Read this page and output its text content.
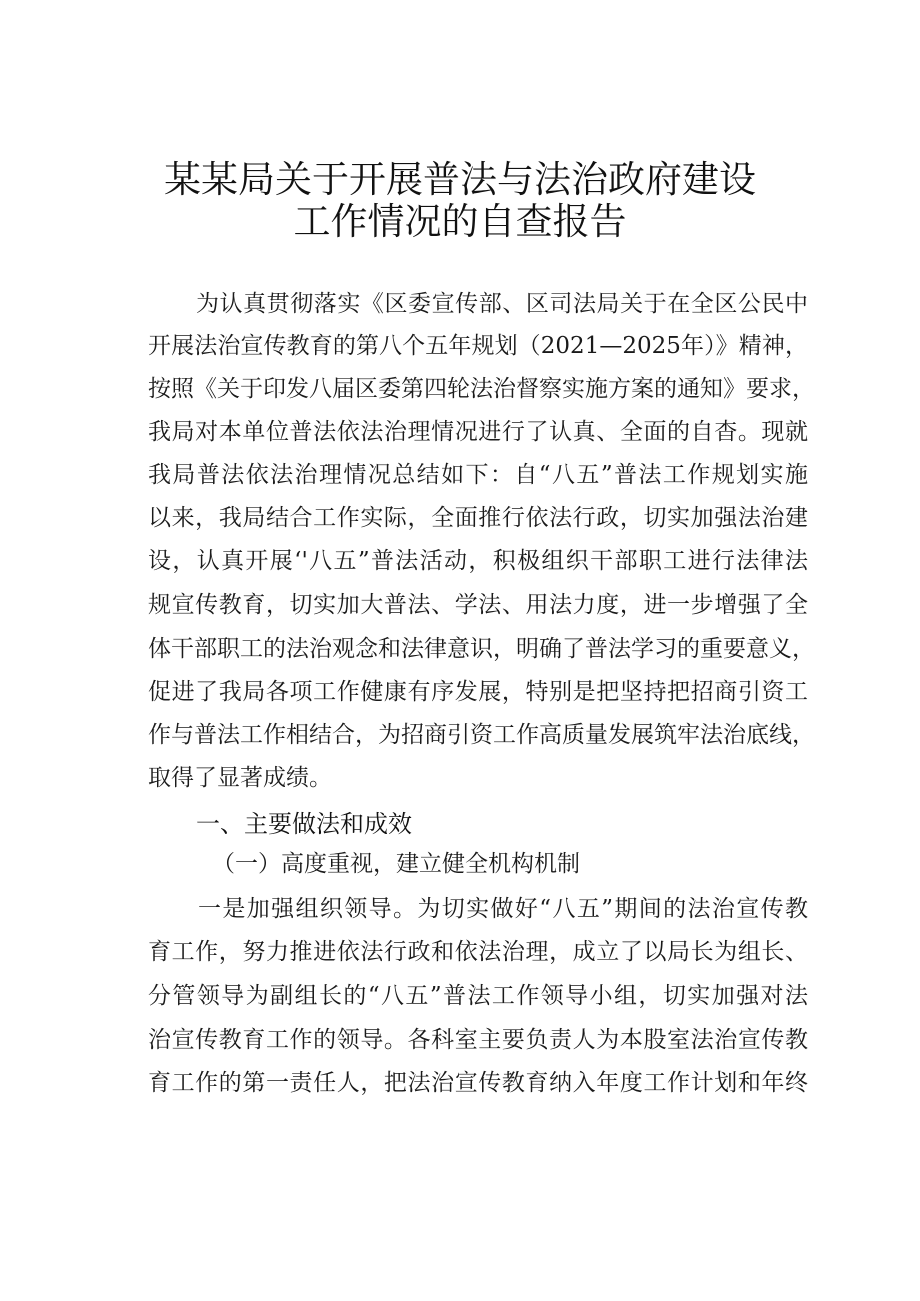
某某局关于开展普法与法治政府建设
工作情况的自查报告
为认真贯彻落实《区委宣传部、区司法局关于在全区公民中
开展法治宣传教育的第八个五年规划（2021—2025年）》精神，
按照《关于印发八届区委第四轮法治督察实施方案的通知》要求，
我局对本单位普法依法治理情况进行了认真、全面的自杳。现就
我局普法依法治理情况总结如下：自“八五”普法工作规划实施
以来，我局结合工作实际，全面推行依法行政，切实加强法治建
设，认真开展‘'八五”普法活动，积极组织干部职工进行法律法
规宣传教育，切实加大普法、学法、用法力度，进一步增强了全
体干部职工的法治观念和法律意识，明确了普法学习的重要意义，
促进了我局各项工作健康有序发展，特别是把坚持把招商引资工
作与普法工作相结合，为招商引资工作高质量发展筑牢法治底线，
取得了显著成绩。
一、主要做法和成效
（一）高度重视，建立健全机构机制
一是加强组织领导。为切实做好“八五”期间的法治宣传教
育工作，努力推进依法行政和依法治理，成立了以局长为组长、
分管领导为副组长的“八五”普法工作领导小组，切实加强对法
治宣传教育工作的领导。各科室主要负责人为本股室法治宣传教
育工作的第一责任人，把法治宣传教育纳入年度工作计划和年终
